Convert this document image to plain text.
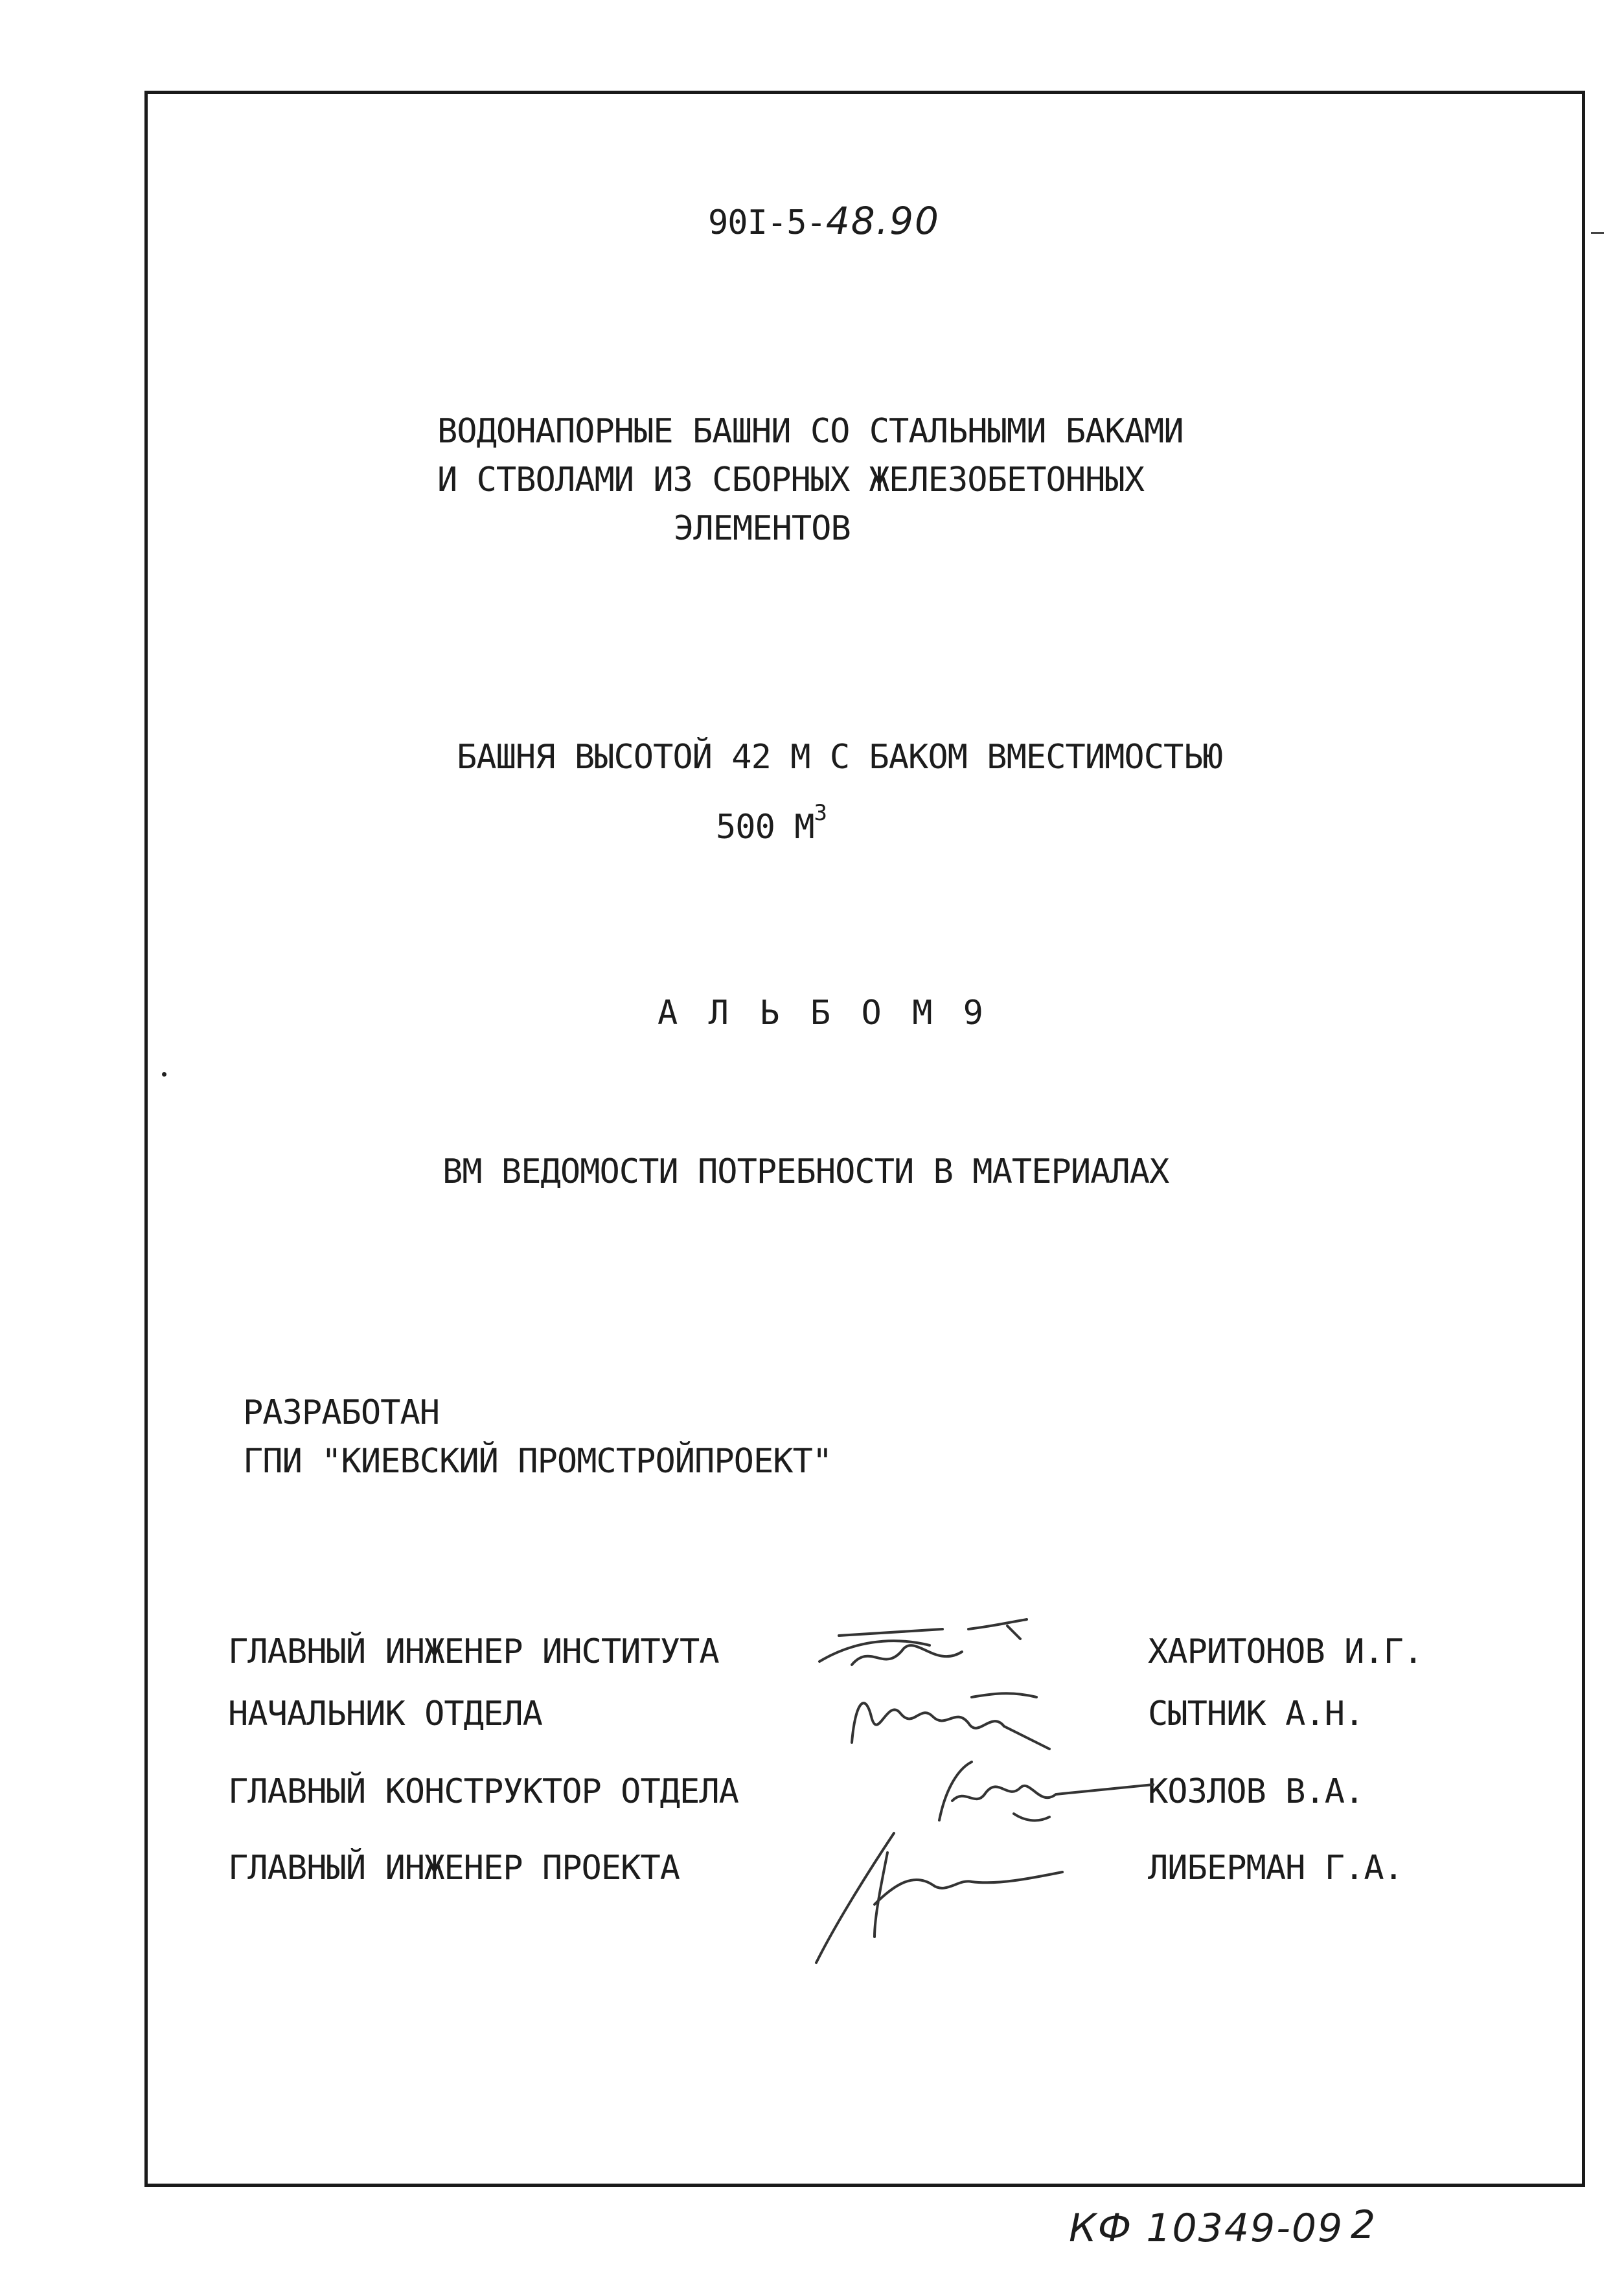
90I-5-48.90
ВОДОНАПОРНЫЕ БАШНИ СО СТАЛЬНЫМИ БАКАМИ
И СТВОЛАМИ ИЗ СБОРНЫХ ЖЕЛЕЗОБЕТОННЫХ
ЭЛЕМЕНТОВ
БАШНЯ ВЫСОТОЙ 42 М С БАКОМ ВМЕСТИМОСТЬЮ
500 $М^3$
А Л Ь Б О М 9
ВМ ВЕДОМОСТИ ПОТРЕБНОСТИ В МАТЕРИАЛАХ
РАЗРАБОТАН
ГПИ "КИЕВСКИЙ ПРОМСТРОЙПРОЕКТ"
ГЛАВНЫЙ ИНЖЕНЕР ИНСТИТУТА	ХАРИТОНОВ И.Г.
НАЧАЛЬНИК ОТДЕЛА	СЫТНИК А.Н.
ГЛАВНЫЙ КОНСТРУКТОР ОТДЕЛА	КОЗЛОВ В.А.
ГЛАВНЫЙ ИНЖЕНЕР ПРОЕКТА	ЛИБЕРМАН Г.А.
КФ 10349-09 2
